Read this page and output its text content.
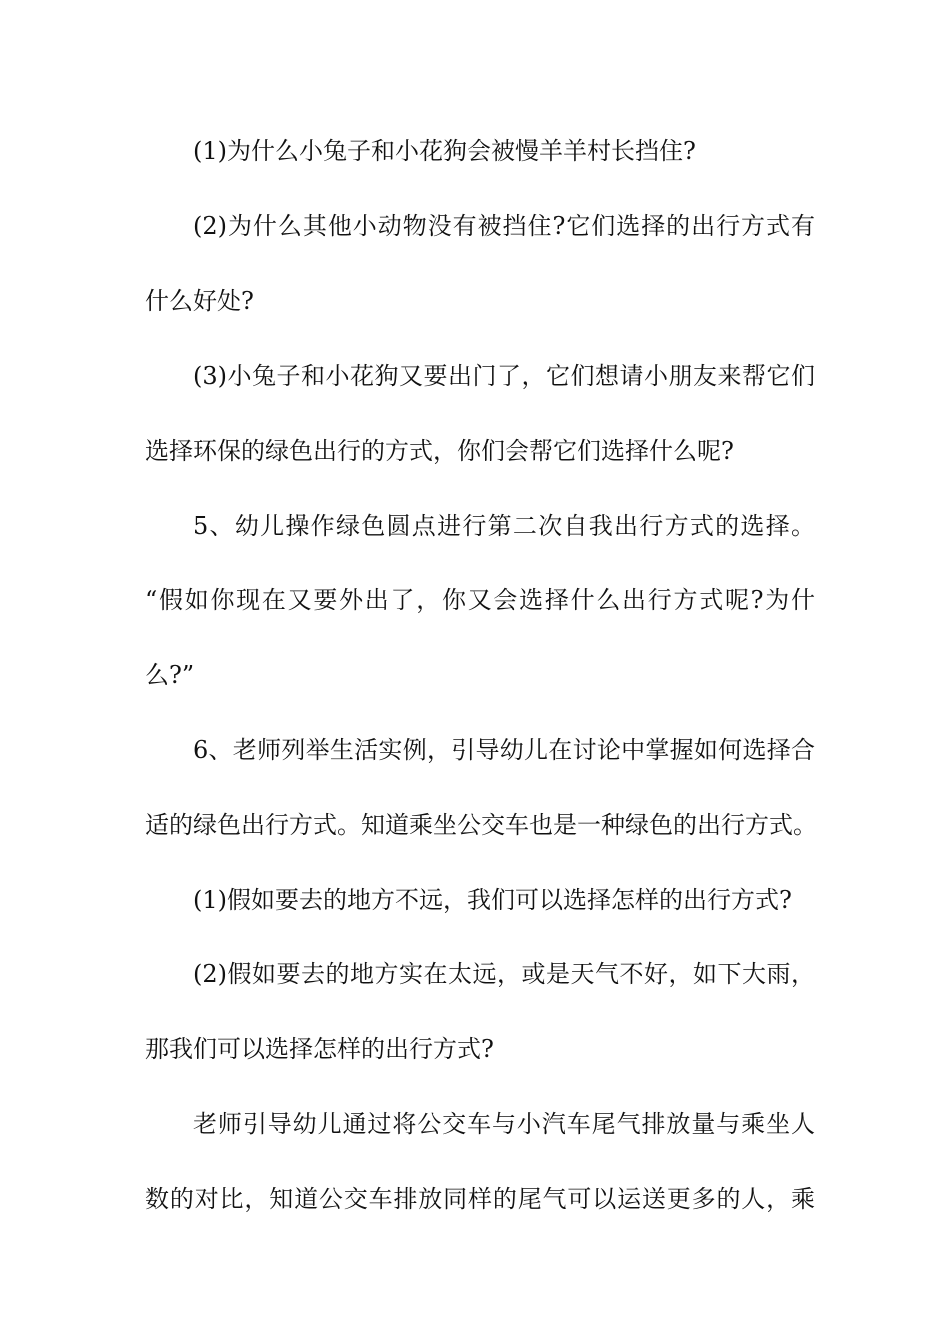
(1)为什么小兔子和小花狗会被慢羊羊村长挡住?
(2)为什么其他小动物没有被挡住?它们选择的出行方式有
什么好处?
(3)小兔子和小花狗又要出门了，它们想请小朋友来帮它们
选择环保的绿色出行的方式，你们会帮它们选择什么呢?
5、幼儿操作绿色圆点进行第二次自我出行方式的选择。
“假如你现在又要外出了，你又会选择什么出行方式呢?为什
么?”
6、老师列举生活实例，引导幼儿在讨论中掌握如何选择合
适的绿色出行方式。知道乘坐公交车也是一种绿色的出行方式。
(1)假如要去的地方不远，我们可以选择怎样的出行方式?
(2)假如要去的地方实在太远，或是天气不好，如下大雨，
那我们可以选择怎样的出行方式?
老师引导幼儿通过将公交车与小汽车尾气排放量与乘坐人
数的对比，知道公交车排放同样的尾气可以运送更多的人，乘
